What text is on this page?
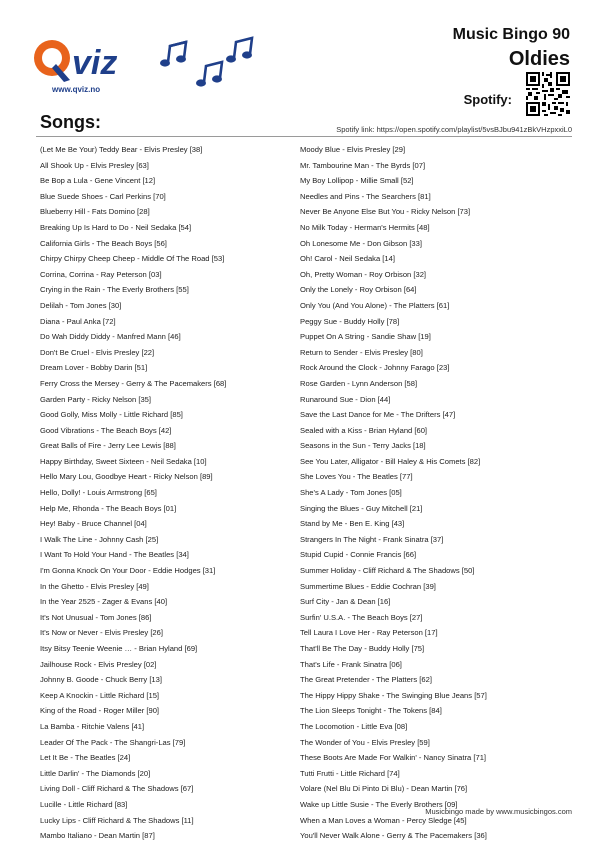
viz
www.qviz.no
Music Bingo 90
Oldies
Spotify:
Songs:	Spotify link: https://open.spotify.com/playlist/5vsBJbu941zBkVHzpxxiL0
(Let Me Be Your) Teddy Bear - Elvis Presley [38]
All Shook Up - Elvis Presley [63]
Be Bop a Lula - Gene Vincent [12]
Blue Suede Shoes - Carl Perkins [70]
Blueberry Hill - Fats Domino [28]
Breaking Up Is Hard to Do - Neil Sedaka [54]
California Girls - The Beach Boys [56]
Chirpy Chirpy Cheep Cheep - Middle Of The Road [53]
Corrina, Corrina - Ray Peterson [03]
Crying in the Rain - The Everly Brothers [55]
Delilah - Tom Jones [30]
Diana - Paul Anka [72]
Do Wah Diddy Diddy - Manfred Mann [46]
Don't Be Cruel - Elvis Presley [22]
Dream Lover - Bobby Darin [51]
Ferry Cross the Mersey - Gerry & The Pacemakers [68]
Garden Party - Ricky Nelson [35]
Good Golly, Miss Molly - Little Richard [85]
Good Vibrations - The Beach Boys [42]
Great Balls of Fire - Jerry Lee Lewis [88]
Happy Birthday, Sweet Sixteen - Neil Sedaka [10]
Hello Mary Lou, Goodbye Heart - Ricky Nelson [89]
Hello, Dolly! - Louis Armstrong [65]
Help Me, Rhonda - The Beach Boys [01]
Hey! Baby - Bruce Channel [04]
I Walk The Line - Johnny Cash [25]
I Want To Hold Your Hand - The Beatles [34]
I'm Gonna Knock On Your Door - Eddie Hodges [31]
In the Ghetto - Elvis Presley [49]
In the Year 2525 - Zager & Evans [40]
It's Not Unusual - Tom Jones [86]
It's Now or Never - Elvis Presley [26]
Itsy Bitsy Teenie Weenie … - Brian Hyland [69]
Jailhouse Rock - Elvis Presley [02]
Johnny B. Goode - Chuck Berry [13]
Keep A Knockin - Little Richard [15]
King of the Road - Roger Miller [90]
La Bamba - Ritchie Valens [41]
Leader Of The Pack - The Shangri-Las [79]
Let It Be - The Beatles [24]
Little Darlin' - The Diamonds [20]
Living Doll - Cliff Richard & The Shadows [67]
Lucille - Little Richard [83]
Lucky Lips - Cliff Richard & The Shadows [11]
Mambo Italiano - Dean Martin [87]
Moody Blue - Elvis Presley [29]
Mr. Tambourine Man - The Byrds [07]
My Boy Lollipop - Millie Small [52]
Needles and Pins - The Searchers [81]
Never Be Anyone Else But You - Ricky Nelson [73]
No Milk Today - Herman's Hermits [48]
Oh Lonesome Me - Don Gibson [33]
Oh! Carol - Neil Sedaka [14]
Oh, Pretty Woman - Roy Orbison [32]
Only the Lonely - Roy Orbison [64]
Only You (And You Alone) - The Platters [61]
Peggy Sue - Buddy Holly [78]
Puppet On A String - Sandie Shaw [19]
Return to Sender - Elvis Presley [80]
Rock Around the Clock - Johnny Farago [23]
Rose Garden - Lynn Anderson [58]
Runaround Sue - Dion [44]
Save the Last Dance for Me - The Drifters [47]
Sealed with a Kiss - Brian Hyland [60]
Seasons in the Sun - Terry Jacks [18]
See You Later, Alligator - Bill Haley & His Comets [82]
She Loves You - The Beatles [77]
She's A Lady - Tom Jones [05]
Singing the Blues - Guy Mitchell [21]
Stand by Me - Ben E. King [43]
Strangers In The Night - Frank Sinatra [37]
Stupid Cupid - Connie Francis [66]
Summer Holiday - Cliff Richard & The Shadows [50]
Summertime Blues - Eddie Cochran [39]
Surf City - Jan & Dean [16]
Surfin' U.S.A. - The Beach Boys [27]
Tell Laura I Love Her - Ray Peterson [17]
That'll Be The Day - Buddy Holly [75]
That's Life - Frank Sinatra [06]
The Great Pretender - The Platters [62]
The Hippy Hippy Shake - The Swinging Blue Jeans [57]
The Lion Sleeps Tonight - The Tokens [84]
The Locomotion - Little Eva [08]
The Wonder of You - Elvis Presley [59]
These Boots Are Made For Walkin' - Nancy Sinatra [71]
Tutti Frutti - Little Richard [74]
Volare (Nel Blu Di Pinto Di Blu) - Dean Martin [76]
Wake up Little Susie - The Everly Brothers [09]
When a Man Loves a Woman - Percy Sledge [45]
You'll Never Walk Alone - Gerry & The Pacemakers [36]
Musicbingo made by www.musicbingos.com
